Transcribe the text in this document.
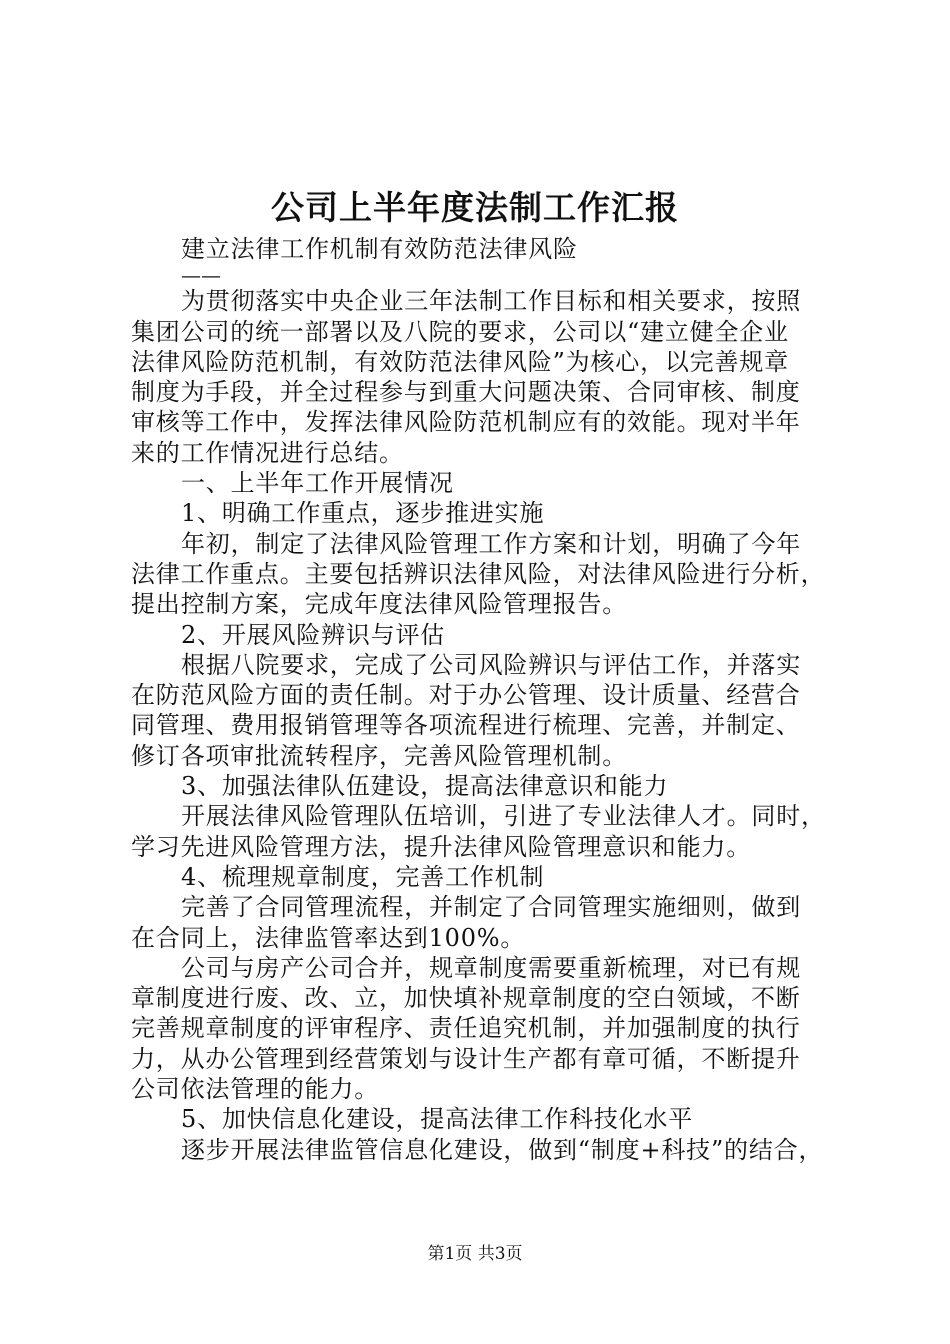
公司上半年度法制工作汇报
建立法律工作机制有效防范法律风险
——
为贯彻落实中央企业三年法制工作目标和相关要求，按照
集团公司的统一部署以及八院的要求，公司以“建立健全企业
法律风险防范机制，有效防范法律风险”为核心，以完善规章
制度为手段，并全过程参与到重大问题决策、合同审核、制度
审核等工作中，发挥法律风险防范机制应有的效能。现对半年
来的工作情况进行总结。
一、上半年工作开展情况
1、明确工作重点，逐步推进实施
年初，制定了法律风险管理工作方案和计划，明确了今年
法律工作重点。主要包括辨识法律风险，对法律风险进行分析，
提出控制方案，完成年度法律风险管理报告。
2、开展风险辨识与评估
根据八院要求，完成了公司风险辨识与评估工作，并落实
在防范风险方面的责任制。对于办公管理、设计质量、经营合
同管理、费用报销管理等各项流程进行梳理、完善，并制定、
修订各项审批流转程序，完善风险管理机制。
3、加强法律队伍建设，提高法律意识和能力
开展法律风险管理队伍培训，引进了专业法律人才。同时，
学习先进风险管理方法，提升法律风险管理意识和能力。
4、梳理规章制度，完善工作机制
完善了合同管理流程，并制定了合同管理实施细则，做到
在合同上，法律监管率达到100%。
公司与房产公司合并，规章制度需要重新梳理，对已有规
章制度进行废、改、立，加快填补规章制度的空白领域，不断
完善规章制度的评审程序、责任追究机制，并加强制度的执行
力，从办公管理到经营策划与设计生产都有章可循，不断提升
公司依法管理的能力。
5、加快信息化建设，提高法律工作科技化水平
逐步开展法律监管信息化建设，做到“制度+科技”的结合，
第1页 共3页
